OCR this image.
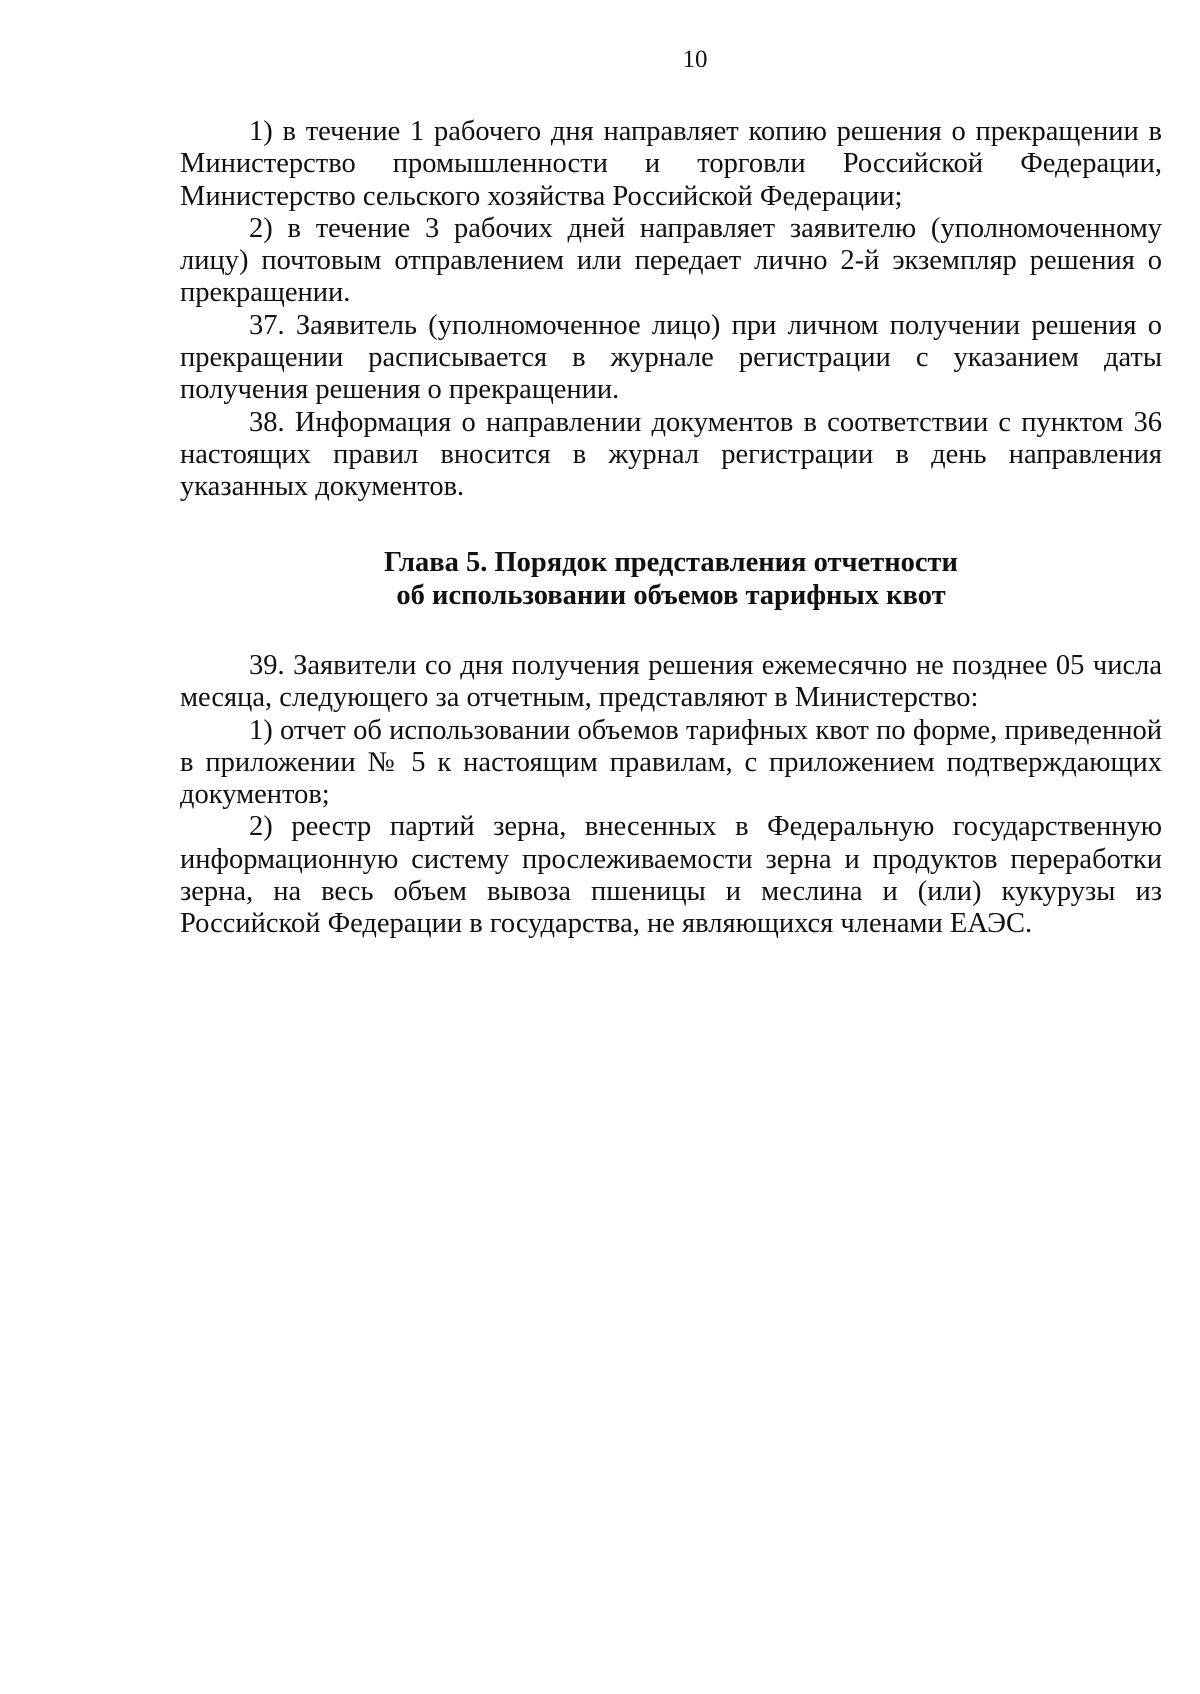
10

1) в течение 1 рабочего дня направляет копию решения о прекращении в Министерство промышленности и торговли Российской Федерации, Министерство сельского хозяйства Российской Федерации;

2) в течение 3 рабочих дней направляет заявителю (уполномоченному лицу) почтовым отправлением или передает лично 2-й экземпляр решения о прекращении.

37. Заявитель (уполномоченное лицо) при личном получении решения о прекращении расписывается в журнале регистрации с указанием даты получения решения о прекращении.

38. Информация о направлении документов в соответствии с пунктом 36 настоящих правил вносится в журнал регистрации в день направления указанных документов.

Глава 5. Порядок представления отчетности
об использовании объемов тарифных квот

39. Заявители со дня получения решения ежемесячно не позднее 05 числа месяца, следующего за отчетным, представляют в Министерство:

1) отчет об использовании объемов тарифных квот по форме, приведенной в приложении № 5 к настоящим правилам, с приложением подтверждающих документов;

2) реестр партий зерна, внесенных в Федеральную государственную информационную систему прослеживаемости зерна и продуктов переработки зерна, на весь объем вывоза пшеницы и меслина и (или) кукурузы из Российской Федерации в государства, не являющихся членами ЕАЭС.
